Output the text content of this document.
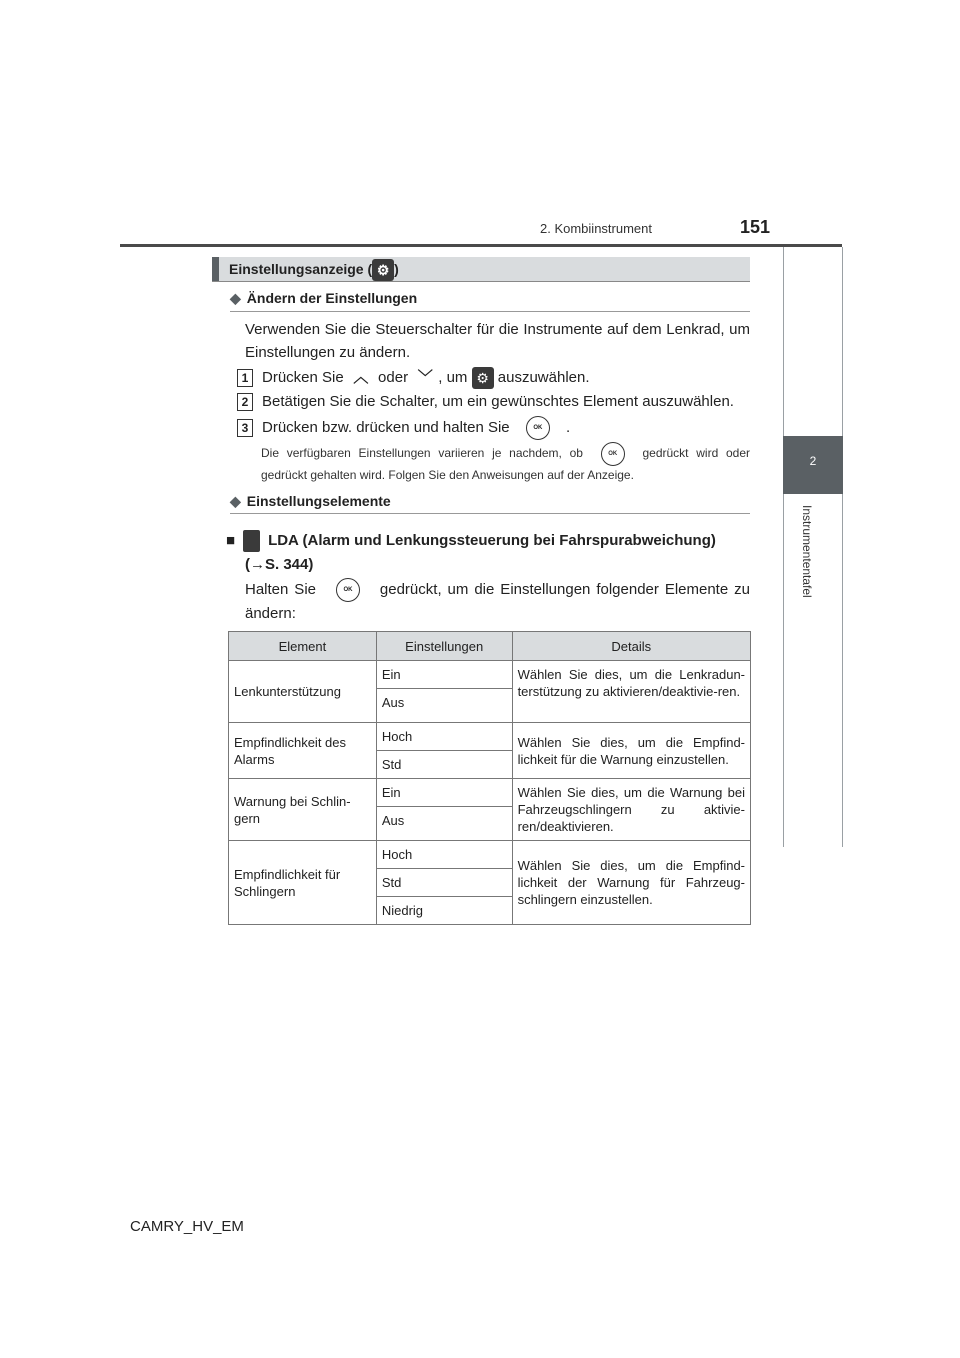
2. Kombiinstrument	151
2
Instrumententafel
Einstellungsanzeige ( ⚙ )
◆ Ändern der Einstellungen
Verwenden Sie die Steuerschalter für die Instrumente auf dem Lenkrad, um Einstellungen zu ändern.
1 Drücken Sie ︿ oder ﹀ , um ⚙ auszuwählen.
2 Betätigen Sie die Schalter, um ein gewünschtes Element auszuwählen.
3 Drücken bzw. drücken und halten Sie	OK .
Die verfügbaren Einstellungen variieren je nachdem, ob	OK gedrückt wird oder gedrückt gehalten wird. Folgen Sie den Anweisungen auf der Anzeige.
◆ Einstellungselemente
■ LDA (Alarm und Lenkungssteuerung bei Fahrspurabweichung)
(→S. 344)
Halten Sie	OK gedrückt, um die Einstellungen folgender Elemente zu ändern:
Element	Einstellungen	Details
Lenkunterstützung	Ein	Wählen Sie dies, um die Lenkradun-terstützung zu aktivieren/deaktivie-ren.
	Aus	
Empfindlichkeit des Alarms	Hoch	Wählen Sie dies, um die Empfind-lichkeit für die Warnung einzustellen.
	Std	
Warnung bei Schlin-gern	Ein	Wählen Sie dies, um die Warnung bei Fahrzeugschlingern zu aktivie-ren/deaktivieren.
	Aus	
Empfindlichkeit für Schlingern	Hoch	Wählen Sie dies, um die Empfind-lichkeit der Warnung für Fahrzeug-schlingern einzustellen.
	Std	
	Niedrig	
CAMRY_HV_EM
